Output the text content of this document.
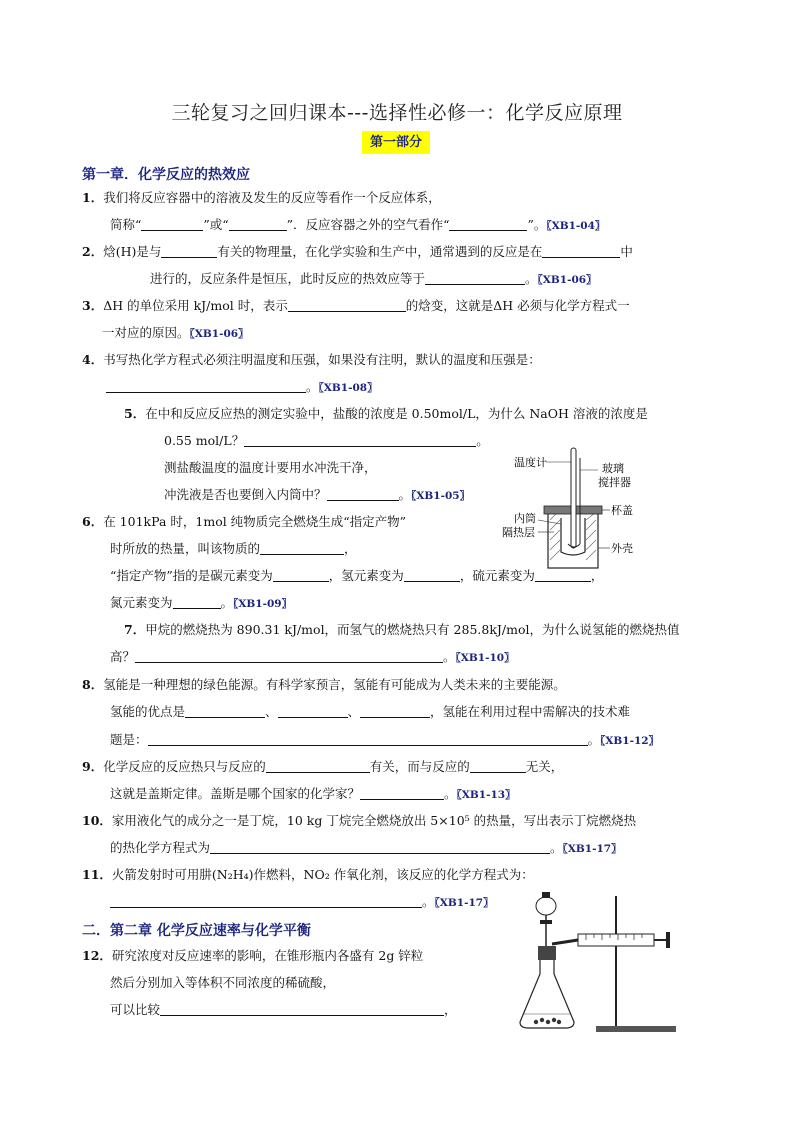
三轮复习之回归课本---选择性必修一：化学反应原理
第一部分
第一章．化学反应的热效应
1．我们将反应容器中的溶液及发生的反应等看作一个反应体系，
简称“	”或“	”．反应容器之外的空气看作“	”。〖XB1-04〗
2．焓(H)是与	有关的物理量，在化学实验和生产中，通常遇到的反应是在	中
进行的，反应条件是恒压，此时反应的热效应等于	。〖XB1-06〗
3．ΔH 的单位采用 kJ/mol 时，表示	的焓变，这就是ΔH 必须与化学方程式一
一对应的原因。〖XB1-06〗
4．书写热化学方程式必须注明温度和压强，如果没有注明，默认的温度和压强是：
。〖XB1-08〗
5．在中和反应反应热的测定实验中，盐酸的浓度是 0.50mol/L，为什么 NaOH 溶液的浓度是
0.55 mol/L？	。
测盐酸温度的温度计要用水冲洗干净，
冲洗液是否也要倒入内筒中？	。〖XB1-05〗
温度计	玻璃
搅拌器
杯盖
内筒
隔热层
外壳
6．在 101kPa 时，1mol 纯物质完全燃烧生成“指定产物”
时所放的热量，叫该物质的	，
“指定产物”指的是碳元素变为	，氢元素变为	，硫元素变为	，
氮元素变为	。〖XB1-09〗
7．甲烷的燃烧热为 890.31 kJ/mol，而氢气的燃烧热只有 285.8kJ/mol，为什么说氢能的燃烧热值
高？	。〖XB1-10〗
8．氢能是一种理想的绿色能源。有科学家预言，氢能有可能成为人类未来的主要能源。
氢能的优点是	、	、	，氢能在利用过程中需解决的技术难
题是：	。〖XB1-12〗
9．化学反应的反应热只与反应的	有关，而与反应的	无关，
这就是盖斯定律。盖斯是哪个国家的化学家？	。〖XB1-13〗
10．家用液化气的成分之一是丁烷，10 kg 丁烷完全燃烧放出 5×10⁵ 的热量，写出表示丁烷燃烧热
的热化学方程式为	。〖XB1-17〗
11．火箭发射时可用肼(N₂H₄)作燃料，NO₂ 作氧化剂，该反应的化学方程式为：
。〖XB1-17〗
二．第二章 化学反应速率与化学平衡
12．研究浓度对反应速率的影响，在锥形瓶内各盛有 2g 锌粒
然后分别加入等体积不同浓度的稀硫酸，
可以比较	，
